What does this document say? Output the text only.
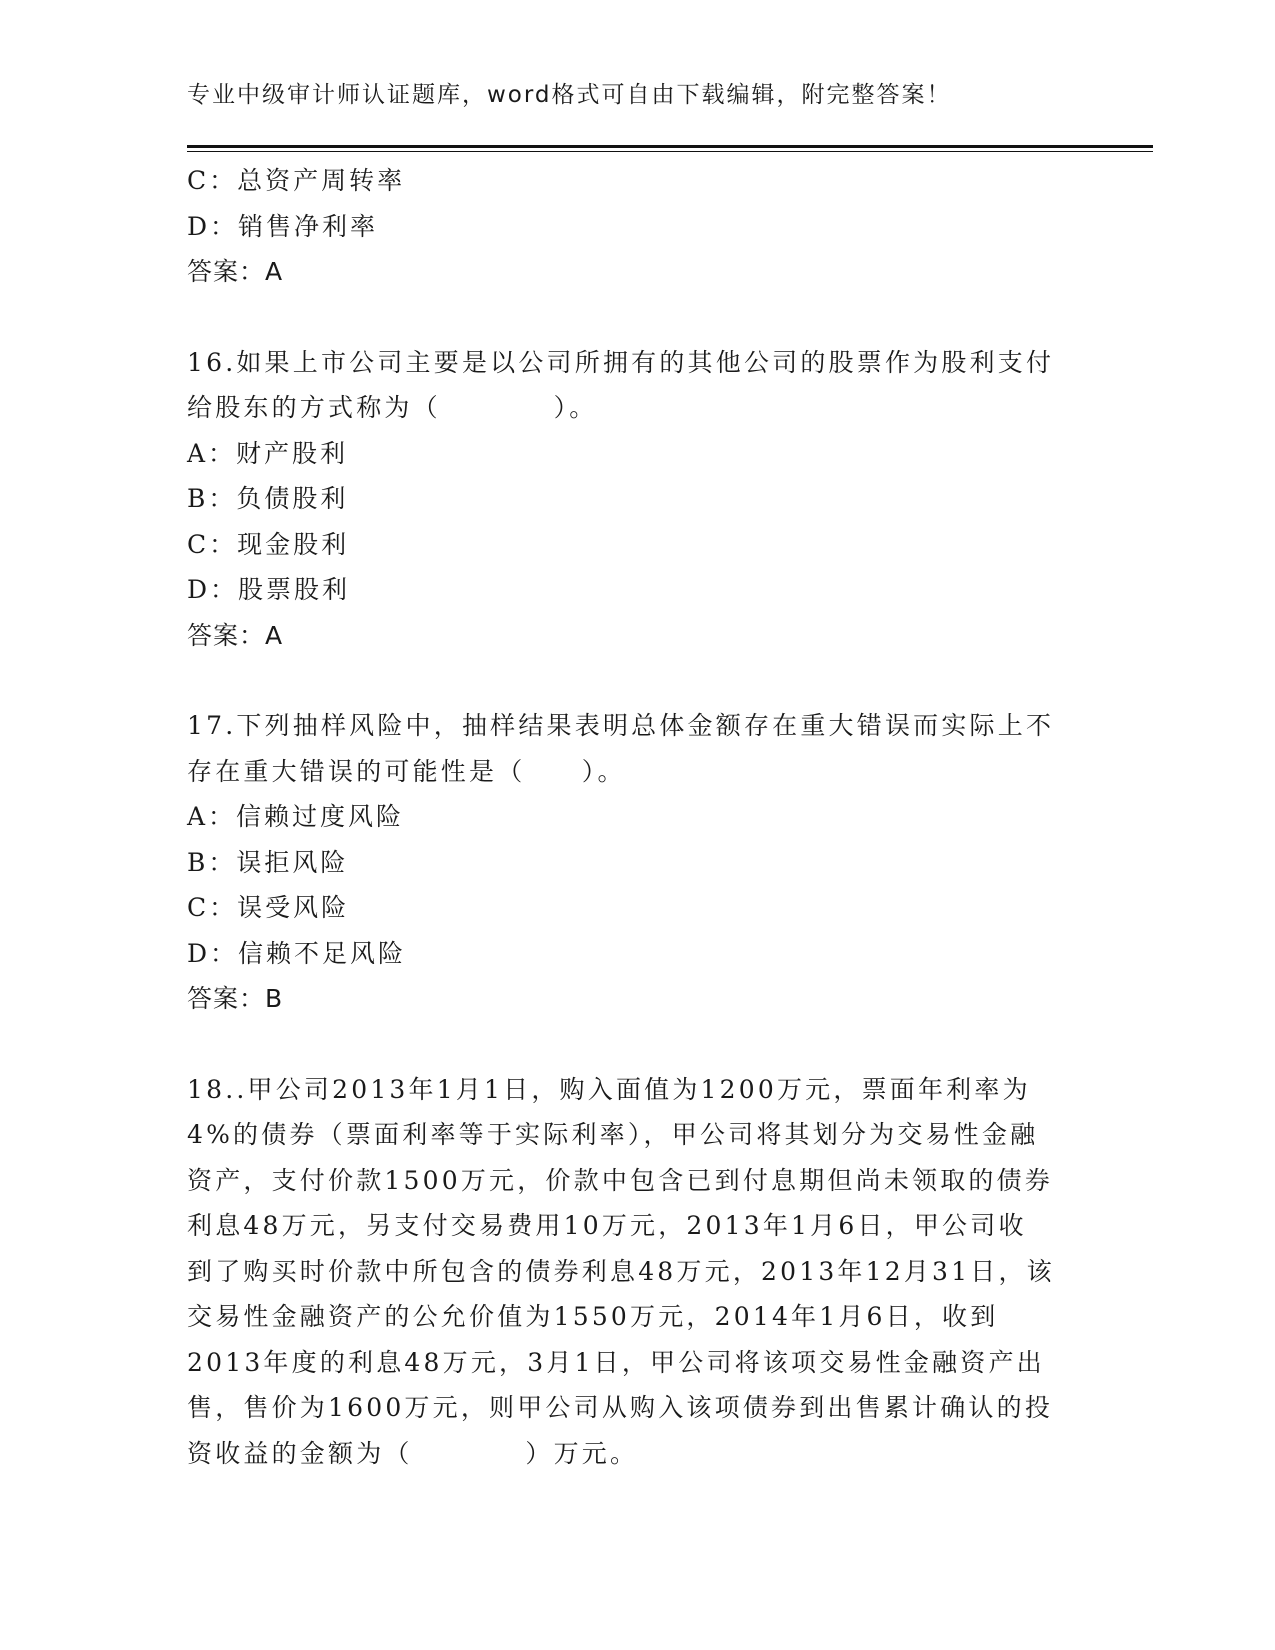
专业中级审计师认证题库，word格式可自由下载编辑，附完整答案！
C：总资产周转率
D：销售净利率
答案：A
16.如果上市公司主要是以公司所拥有的其他公司的股票作为股利支付
给股东的方式称为（　　　　）。
A：财产股利
B：负债股利
C：现金股利
D：股票股利
答案：A
17.下列抽样风险中，抽样结果表明总体金额存在重大错误而实际上不
存在重大错误的可能性是（　　）。
A：信赖过度风险
B：误拒风险
C：误受风险
D：信赖不足风险
答案：B
18..甲公司2013年1月1日，购入面值为1200万元，票面年利率为
4%的债券（票面利率等于实际利率），甲公司将其划分为交易性金融
资产，支付价款1500万元，价款中包含已到付息期但尚未领取的债券
利息48万元，另支付交易费用10万元，2013年1月6日，甲公司收
到了购买时价款中所包含的债券利息48万元，2013年12月31日，该
交易性金融资产的公允价值为1550万元，2014年1月6日，收到
2013年度的利息48万元，3月1日，甲公司将该项交易性金融资产出
售，售价为1600万元，则甲公司从购入该项债券到出售累计确认的投
资收益的金额为（　　　　）万元。
